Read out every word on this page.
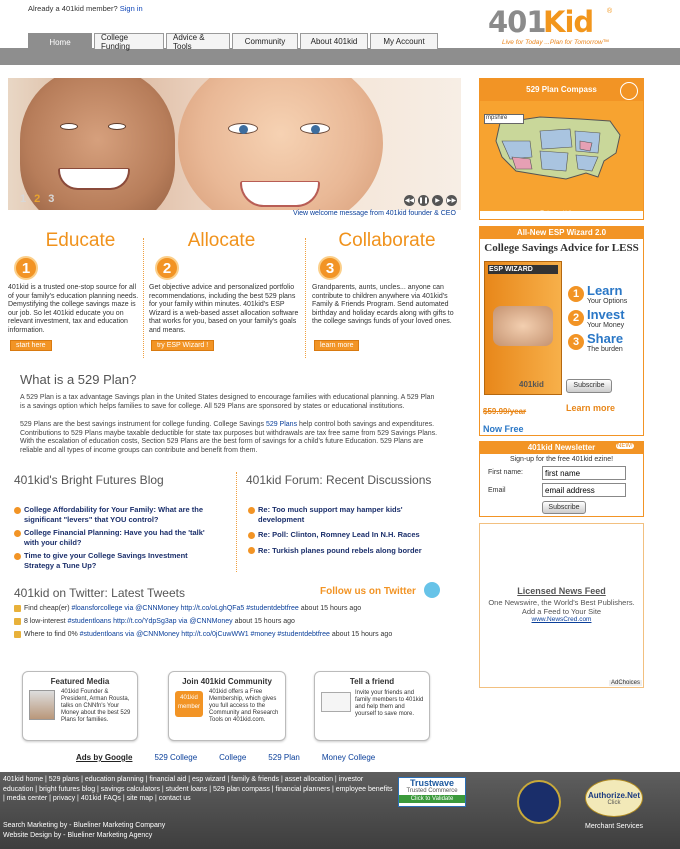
Already a 401kid member? Sign in	401
Kid ®
Live for Today ...Plan for Tomorrow™
Home
College Funding
Advice & Tools	Community	About 401kid	My Account
123	◀◀ ❚❚	▶	▶▶
View welcome message from 401kid founder & CEO
Educate
1
401kid is a trusted one-stop source for all of your family's education planning needs. Demystifying the college savings maze is our job. So let 401kid educate you on relevant investment, tax and education information.
start here
Allocate
2
Get objective advice and personalized portfolio recommendations, including the best 529 plans for your family within minutes. 401kid's ESP Wizard is a web-based asset allocation software that works for you, based on your family's goals and means.
try ESP Wizard !
Collaborate
3
Grandparents, aunts, uncles... anyone can contribute to children anywhere via 401kid's Family & Friends Program. Send automated birthday and holiday ecards along with gifts to the college savings funds of your loved ones.
learn more
What is a 529 Plan?
A 529 Plan is a tax advantage Savings plan in the United States designed to encourage families with educational planning. A 529 Plan is a savings option which helps families to save for college. All 529 Plans are sponsored by states or educational institutions.
529 Plans are the best savings instrument for college funding. College Savings 529 Plans help control both savings and expenditures. Contributions to 529 Plans maybe taxable deductible for state tax purposes but withdrawals are tax free same from 529 Savings Plans. With the escalation of education costs, Section 529 Plans are the best form of savings for a child's future Education. 529 Plans are reliable and all types of income groups can contribute and benefit from them.
401kid's Bright Futures Blog	401kid Forum: Recent Discussions
College Affordability for Your Family: What are the significant "levers" that YOU control?
College Financial Planning: Have you had the 'talk' with your child?
Time to give your College Savings Investment Strategy a Tune Up?
Re: Too much support may hamper kids' development
Re: Poll: Clinton, Romney Lead In N.H. Races
Re: Turkish planes pound rebels along border
401kid on Twitter: Latest Tweets	Follow us on Twitter
Find cheap(er) #loansforcollege via @CNNMoney http://t.co/oLghQFa5 #studentdebtfree about 15 hours ago
8 low-interest #studentloans http://t.co/YdpSg3ap via @CNNMoney about 15 hours ago
Where to find 0% #studentloans via @CNNMoney http://t.co/0jCuwWW1 #money #studentdebtfree about 15 hours ago
Featured Media
401kid Founder & President, Arman Rousta, talks on CNNfn's Your Money about the best 529 Plans for families.
Join 401kid Community
401kid
member
401kid offers a Free Membership, which gives you full access to the Community and Research Tools on 401kid.com.
Tell a friend
Invite your friends and family members to 401kid and help them and yourself to save more.
Ads by Google	529 College	College	529 Plan	Money College
529 Plan Compass
mpshire
Enlarged View
All-New ESP Wizard 2.0
College Savings Advice for LESS
ESP WIZARD
401kid
1 Learn
Your Options
2 Invest
Your Money
3 Share
The burden
Subscribe
$59.99/year	Learn more
Now Free
401kid Newsletter	NEW!
Sign-up for the free 401kid ezine!
First name:
first name
Email
email address
Subscribe
Licensed News Feed
One Newswire, the World's Best Publishers. Add a Feed to Your Site
www.NewsCred.com
AdChoices
401kid home | 529 plans | education planning | financial aid | esp wizard | family & friends | asset allocation | investor education | bright futures blog | savings calculators | student loans | 529 plan compass | financial planners | employee benefits | media center | privacy | 401kid FAQs | site map | contact us
Search Marketing by - Blueliner Marketing Company
Website Design by - Blueliner Marketing Agency
Trustwave
Trusted Commerce
Click to Validate	Authorize.Net
Click
Merchant Services
